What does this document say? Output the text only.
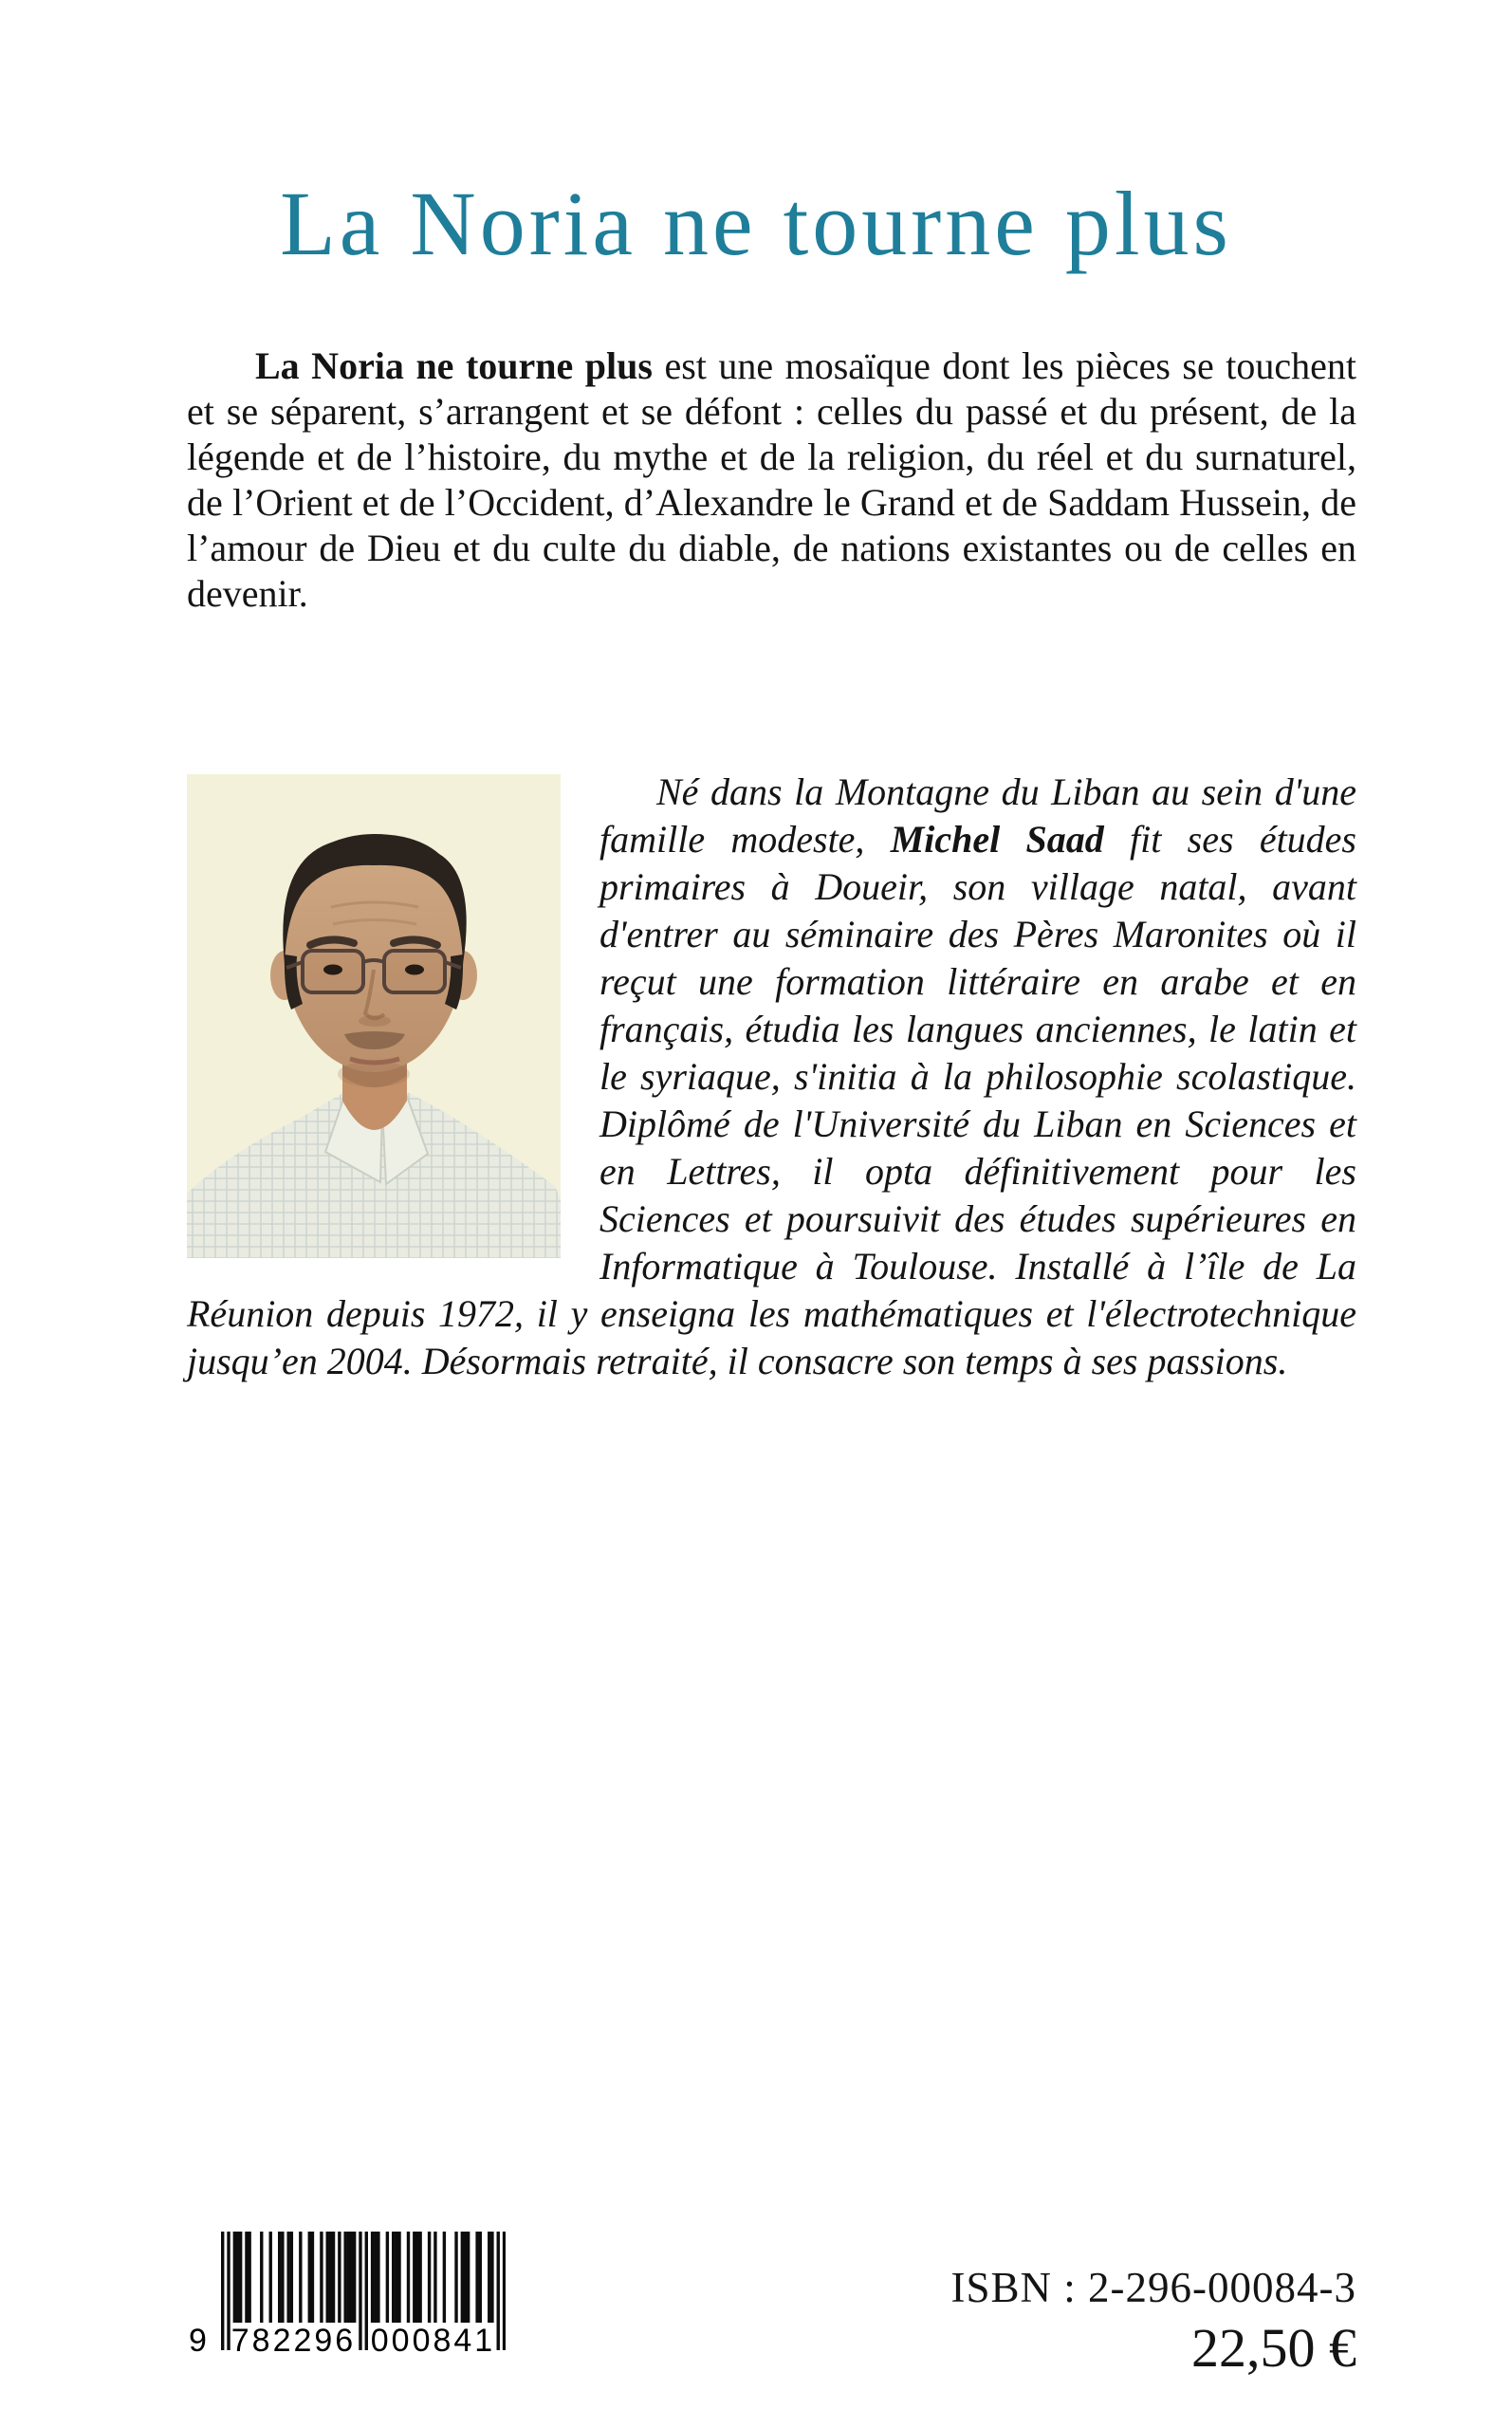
La Noria ne tourne plus

La Noria ne tourne plus est une mosaïque dont les pièces se touchent et se séparent, s’arrangent et se défont : celles du passé et du présent, de la légende et de l’histoire, du mythe et de la religion, du réel et du surnaturel, de l’Orient et de l’Occident, d’Alexandre le Grand et de Saddam Hussein, de l’amour de Dieu et du culte du diable, de nations existantes ou de celles en devenir.

Né dans la Montagne du Liban au sein d'une famille modeste, Michel Saad fit ses études primaires à Doueir, son village natal, avant d'entrer au séminaire des Pères Maronites où il reçut une formation littéraire en arabe et en français, étudia les langues anciennes, le latin et le syriaque, s'initia à la philosophie scolastique. Diplômé de l'Université du Liban en Sciences et en Lettres, il opta définitivement pour les Sciences et poursuivit des études supérieures en Informatique à Toulouse. Installé à l’île de La Réunion depuis 1972, il y enseigna les mathématiques et l'électrotechnique jusqu’en 2004. Désormais retraité, il consacre son temps à ses passions.

9 782296 000841
ISBN : 2-296-00084-3
22,50 €
